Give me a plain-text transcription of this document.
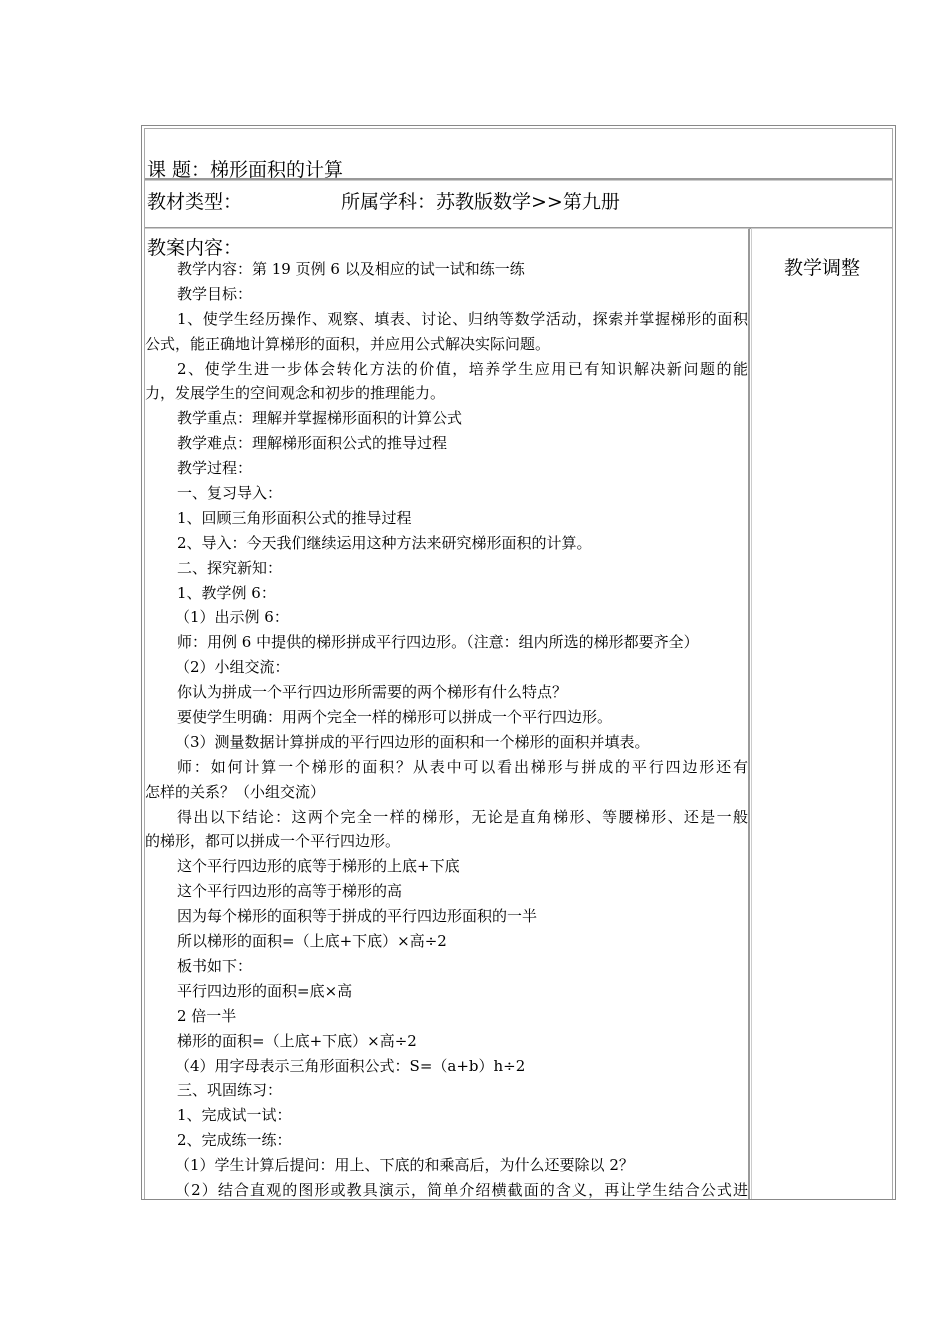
课 题：梯形面积的计算
教材类型：	所属学科：苏教版数学>>第九册
教案内容：
教学内容：第 19 页例 6 以及相应的试一试和练一练
教学目标：
1、使学生经历操作、观察、填表、讨论、归纳等数学活动，探索并掌握梯形的面积
公式，能正确地计算梯形的面积，并应用公式解决实际问题。
2、使学生进一步体会转化方法的价值，培养学生应用已有知识解决新问题的能
力，发展学生的空间观念和初步的推理能力。
教学重点：理解并掌握梯形面积的计算公式
教学难点：理解梯形面积公式的推导过程
教学过程：
一、复习导入：
1、回顾三角形面积公式的推导过程
2、导入：今天我们继续运用这种方法来研究梯形面积的计算。
二、探究新知：
1、教学例 6：
（1）出示例 6：
师：用例 6 中提供的梯形拼成平行四边形。（注意：组内所选的梯形都要齐全）
（2）小组交流：
你认为拼成一个平行四边形所需要的两个梯形有什么特点？
要使学生明确：用两个完全一样的梯形可以拼成一个平行四边形。
（3）测量数据计算拼成的平行四边形的面积和一个梯形的面积并填表。
师：如何计算一个梯形的面积？从表中可以看出梯形与拼成的平行四边形还有
怎样的关系？（小组交流）
得出以下结论：这两个完全一样的梯形，无论是直角梯形、等腰梯形、还是一般
的梯形，都可以拼成一个平行四边形。
这个平行四边形的底等于梯形的上底+下底
这个平行四边形的高等于梯形的高
因为每个梯形的面积等于拼成的平行四边形面积的一半
所以梯形的面积=（上底+下底）×高÷2
板书如下：
平行四边形的面积=底×高
2 倍一半
梯形的面积=（上底+下底）×高÷2
（4）用字母表示三角形面积公式：S=（a+b）h÷2
三、巩固练习：
1、完成试一试：
2、完成练一练：
（1）学生计算后提问：用上、下底的和乘高后，为什么还要除以 2？
（2）结合直观的图形或教具演示，简单介绍横截面的含义，再让学生结合公式进
教学调整
